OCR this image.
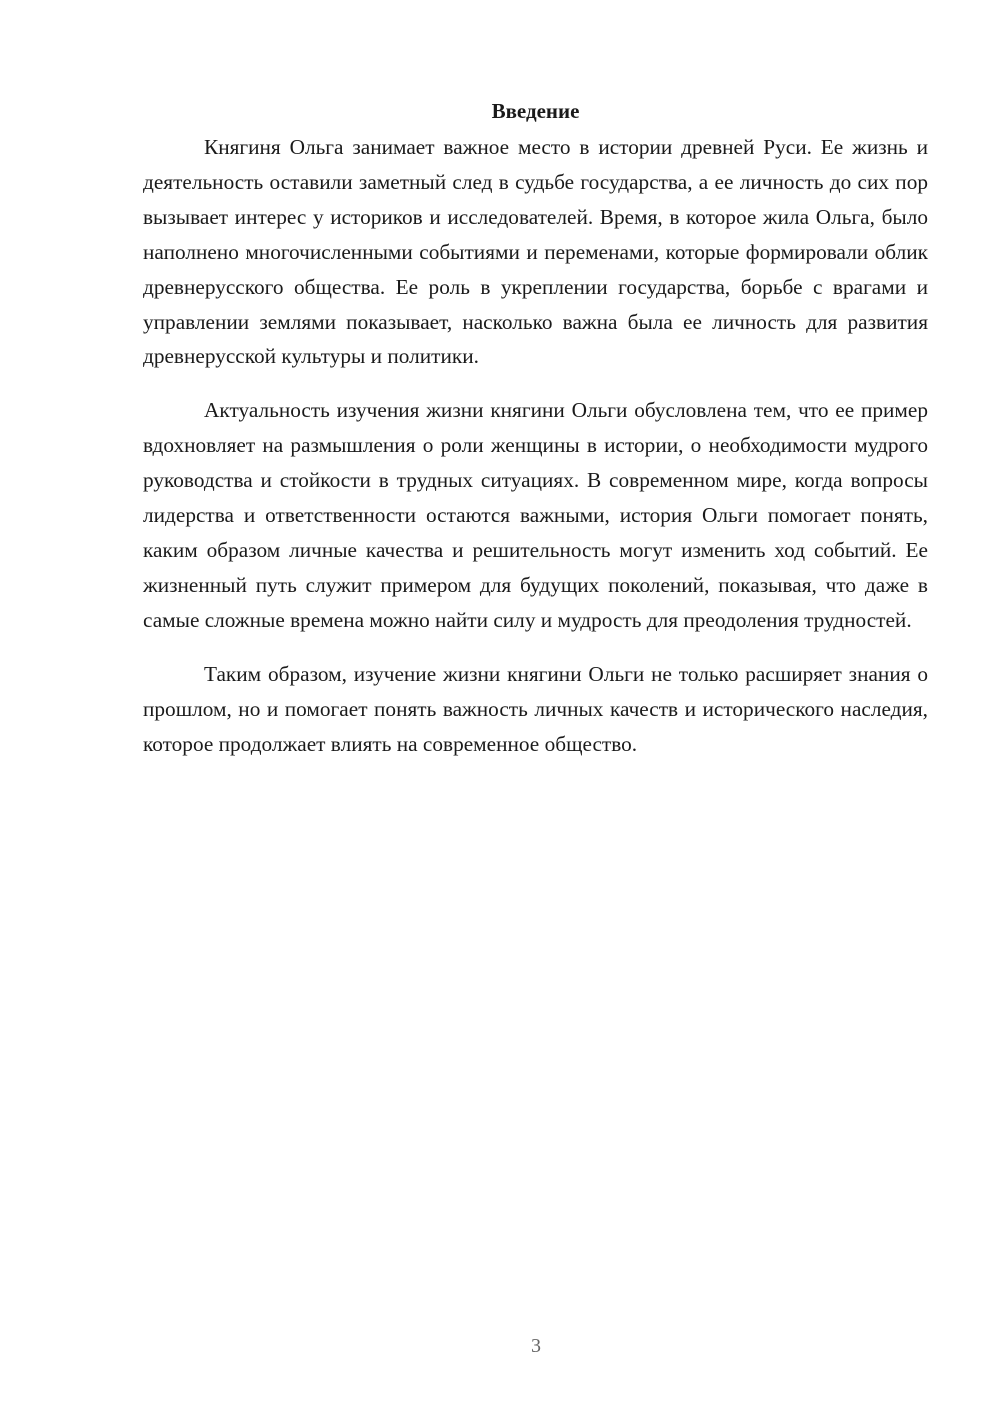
Введение

Княгиня Ольга занимает важное место в истории древней Руси. Ее жизнь и деятельность оставили заметный след в судьбе государства, а ее личность до сих пор вызывает интерес у историков и исследователей. Время, в которое жила Ольга, было наполнено многочисленными событиями и переменами, которые формировали облик древнерусского общества. Ее роль в укреплении государства, борьбе с врагами и управлении землями показывает, насколько важна была ее личность для развития древнерусской культуры и политики.

Актуальность изучения жизни княгини Ольги обусловлена тем, что ее пример вдохновляет на размышления о роли женщины в истории, о необходимости мудрого руководства и стойкости в трудных ситуациях. В современном мире, когда вопросы лидерства и ответственности остаются важными, история Ольги помогает понять, каким образом личные качества и решительность могут изменить ход событий. Ее жизненный путь служит примером для будущих поколений, показывая, что даже в самые сложные времена можно найти силу и мудрость для преодоления трудностей.

Таким образом, изучение жизни княгини Ольги не только расширяет знания о прошлом, но и помогает понять важность личных качеств и исторического наследия, которое продолжает влиять на современное общество.

3
